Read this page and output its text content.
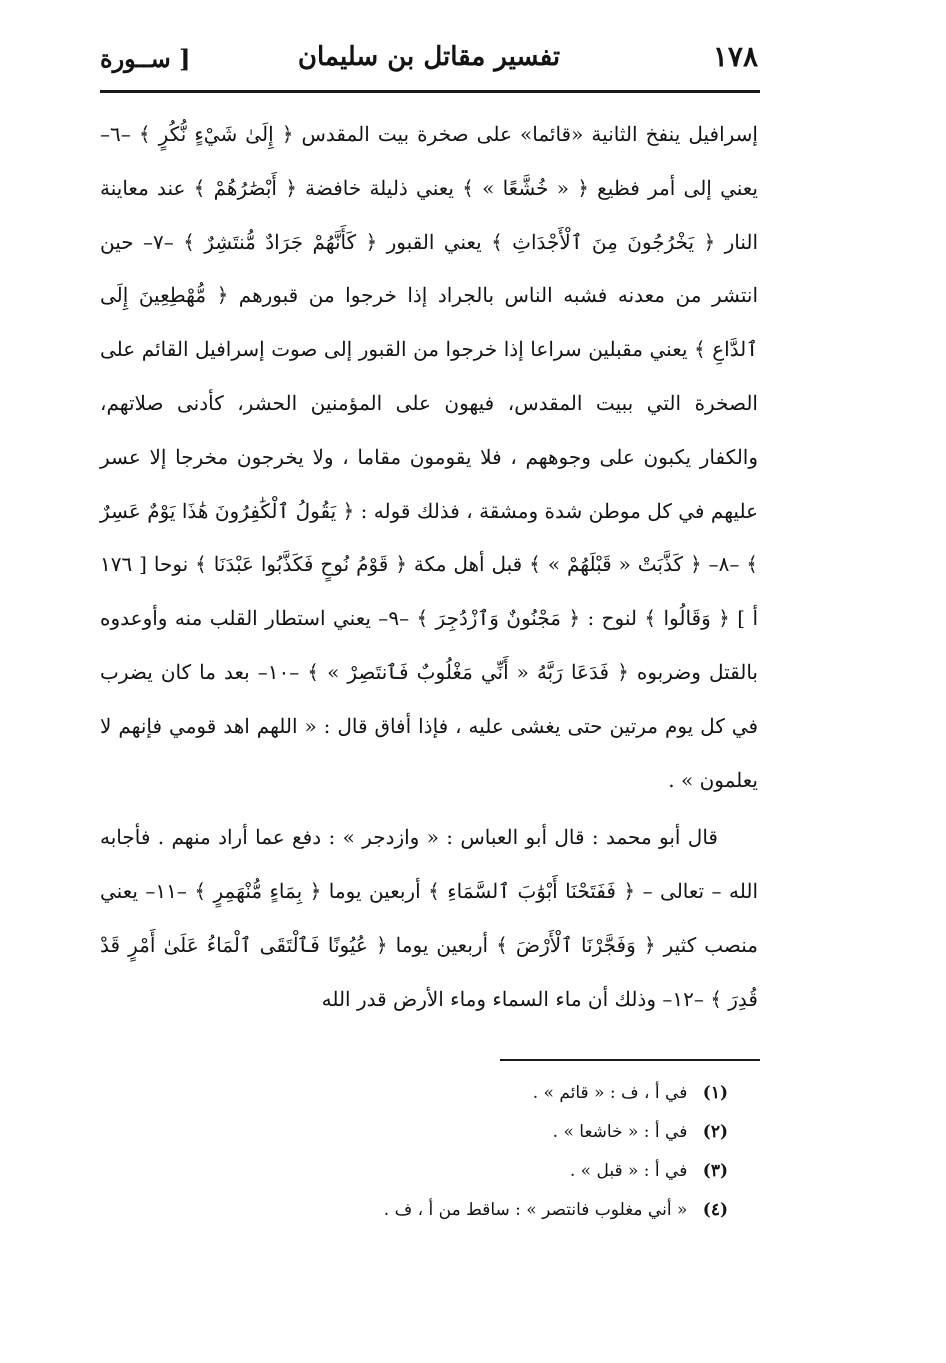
١٧٨
تفسير مقاتل بن سليمان
[ ســورة

إسرافيل ينفخ الثانية «قائما» على صخرة بيت المقدس ﴿ إِلَىٰ شَيْءٍ نُّكُرٍ ﴾ –٦– يعني إلى أمر فظيع ﴿ « خُشَّعًا » ﴾ يعني ذليلة خافضة ﴿ أَبْصَٰرُهُمْ ﴾ عند معاينة النار ﴿ يَخْرُجُونَ مِنَ ٱلْأَجْدَاثِ ﴾ يعني القبور ﴿ كَأَنَّهُمْ جَرَادٌ مُّنتَشِرٌ ﴾ –٧– حين انتشر من معدنه فشبه الناس بالجراد إذا خرجوا من قبورهم ﴿ مُّهْطِعِينَ إِلَى ٱلدَّاعِ ﴾ يعني مقبلين سراعا إذا خرجوا من القبور إلى صوت إسرافيل القائم على الصخرة التي ببيت المقدس، فيهون على المؤمنين الحشر، كأدنى صلاتهم، والكفار يكبون على وجوههم ، فلا يقومون مقاما ، ولا يخرجون مخرجا إلا عسر عليهم في كل موطن شدة ومشقة ، فذلك قوله : ﴿ يَقُولُ ٱلْكَٰفِرُونَ هَٰذَا يَوْمٌ عَسِرٌ ﴾ –٨– ﴿ كَذَّبَتْ « قَبْلَهُمْ » ﴾ قبل أهل مكة ﴿ قَوْمُ نُوحٍ فَكَذَّبُوا عَبْدَنَا ﴾ نوحا [ ١٧٦ أ ] ﴿ وَقَالُوا ﴾ لنوح : ﴿ مَجْنُونٌ وَٱزْدُجِرَ ﴾ –٩– يعني استطار القلب منه وأوعدوه بالقتل وضربوه ﴿ فَدَعَا رَبَّهُ « أَنِّي مَغْلُوبٌ فَٱنتَصِرْ » ﴾ –١٠– بعد ما كان يضرب في كل يوم مرتين حتى يغشى عليه ، فإذا أفاق قال : « اللهم اهد قومي فإنهم لا يعلمون » .

قال أبو محمد : قال أبو العباس : « وازدجر » : دفع عما أراد منهم . فأجابه الله – تعالى – ﴿ فَفَتَحْنَا أَبْوَٰبَ ٱلسَّمَاءِ ﴾ أربعين يوما ﴿ بِمَاءٍ مُّنْهَمِرٍ ﴾ –١١– يعني منصب كثير ﴿ وَفَجَّرْنَا ٱلْأَرْضَ ﴾ أربعين يوما ﴿ عُيُونًا فَٱلْتَقَى ٱلْمَاءُ عَلَىٰ أَمْرٍ قَدْ قُدِرَ ﴾ –١٢– وذلك أن ماء السماء وماء الأرض قدر الله

(١) في أ ، ف : « قائم » .
(٢) في أ : « خاشعا » .
(٣) في أ : « قبل » .
(٤) « أني مغلوب فانتصر » : ساقط من أ ، ف .
